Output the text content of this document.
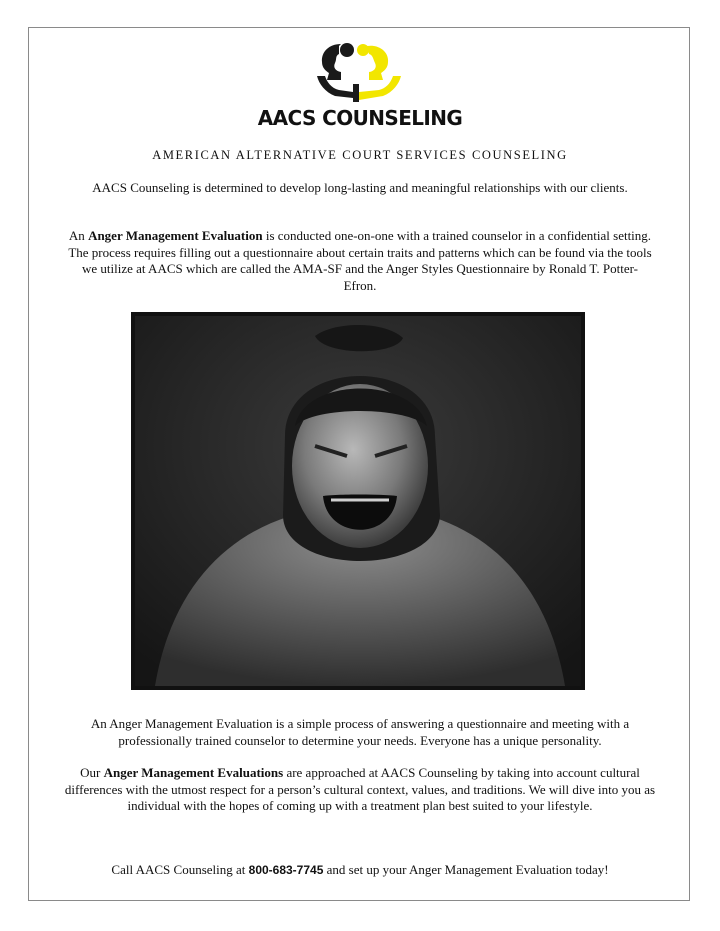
AACS COUNSELING
AMERICAN ALTERNATIVE COURT SERVICES COUNSELING
AACS Counseling is determined to develop long-lasting and meaningful relationships with our clients.
An Anger Management Evaluation is conducted one-on-one with a trained counselor in a confidential setting. The process requires filling out a questionnaire about certain traits and patterns which can be found via the tools we utilize at AACS which are called the AMA-SF and the Anger Styles Questionnaire by Ronald T. Potter-Efron.
An Anger Management Evaluation is a simple process of answering a questionnaire and meeting with a professionally trained counselor to determine your needs. Everyone has a unique personality.
Our Anger Management Evaluations are approached at AACS Counseling by taking into account cultural differences with the utmost respect for a person’s cultural context, values, and traditions. We will dive into you as individual with the hopes of coming up with a treatment plan best suited to your lifestyle.
Call AACS Counseling at 800-683-7745 and set up your Anger Management Evaluation today!
